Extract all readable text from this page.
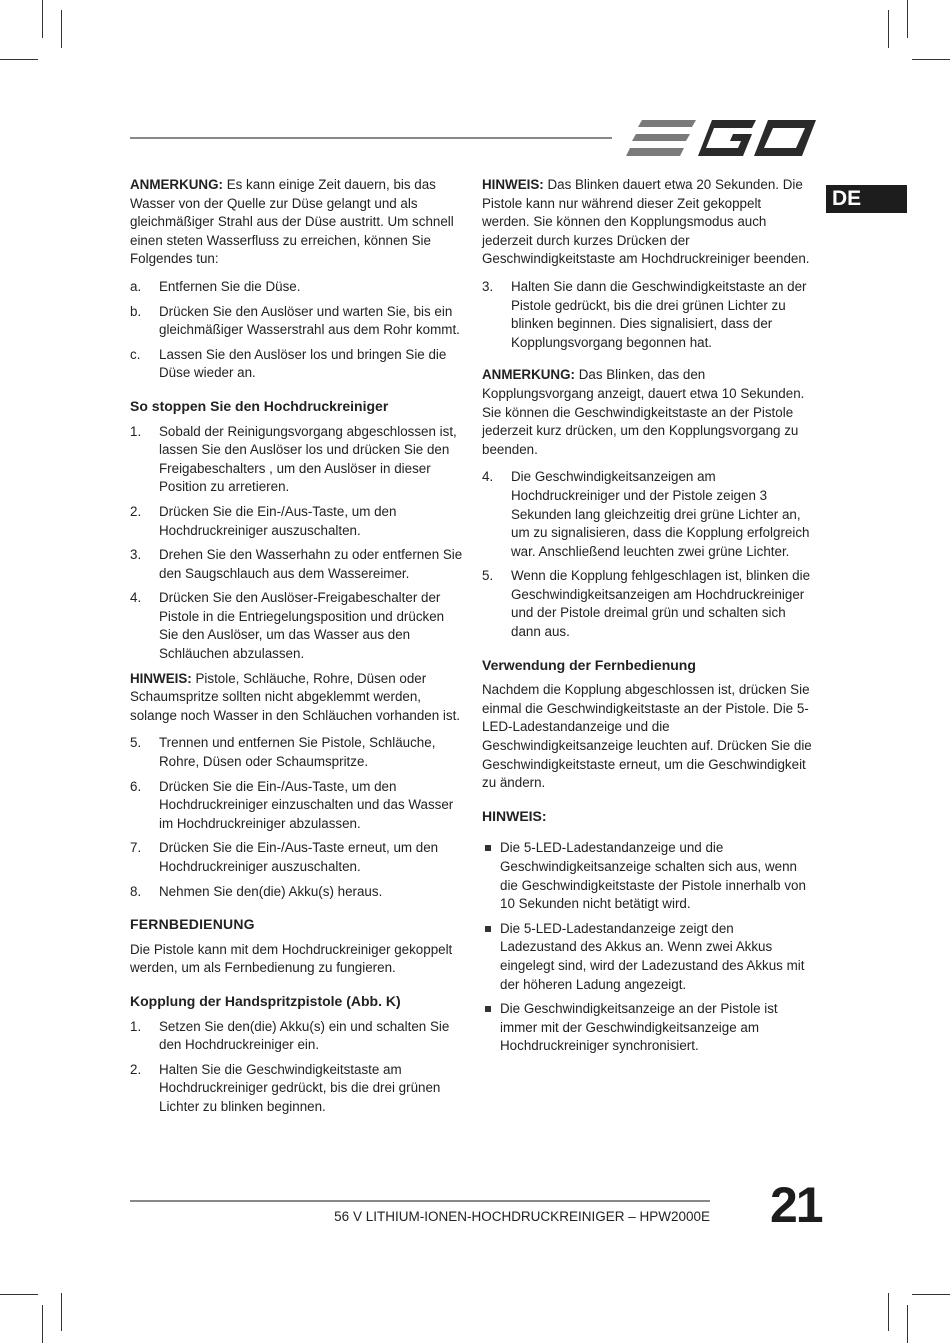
DE

ANMERKUNG: Es kann einige Zeit dauern, bis das Wasser von der Quelle zur Düse gelangt und als gleichmäßiger Strahl aus der Düse austritt. Um schnell einen steten Wasserfluss zu erreichen, können Sie Folgendes tun:

a. Entfernen Sie die Düse.
b. Drücken Sie den Auslöser und warten Sie, bis ein gleichmäßiger Wasserstrahl aus dem Rohr kommt.
c. Lassen Sie den Auslöser los und bringen Sie die Düse wieder an.
So stoppen Sie den Hochdruckreiniger
1. Sobald der Reinigungsvorgang abgeschlossen ist, lassen Sie den Auslöser los und drücken Sie den Freigabeschalters , um den Auslöser in dieser Position zu arretieren.
2. Drücken Sie die Ein-/Aus-Taste, um den Hochdruckreiniger auszuschalten.
3. Drehen Sie den Wasserhahn zu oder entfernen Sie den Saugschlauch aus dem Wassereimer.
4. Drücken Sie den Auslöser-Freigabeschalter der Pistole in die Entriegelungsposition und drücken Sie den Auslöser, um das Wasser aus den Schläuchen abzulassen.

HINWEIS: Pistole, Schläuche, Rohre, Düsen oder Schaumspritze sollten nicht abgeklemmt werden, solange noch Wasser in den Schläuchen vorhanden ist.

5. Trennen und entfernen Sie Pistole, Schläuche, Rohre, Düsen oder Schaumspritze.
6. Drücken Sie die Ein-/Aus-Taste, um den Hochdruckreiniger einzuschalten und das Wasser im Hochdruckreiniger abzulassen.
7. Drücken Sie die Ein-/Aus-Taste erneut, um den Hochdruckreiniger auszuschalten.
8. Nehmen Sie den(die) Akku(s) heraus.
FERNBEDIENUNG

Die Pistole kann mit dem Hochdruckreiniger gekoppelt werden, um als Fernbedienung zu fungieren.

Kopplung der Handspritzpistole (Abb. K)
1. Setzen Sie den(die) Akku(s) ein und schalten Sie den Hochdruckreiniger ein.
2. Halten Sie die Geschwindigkeitstaste am Hochdruckreiniger gedrückt, bis die drei grünen Lichter zu blinken beginnen.

HINWEIS: Das Blinken dauert etwa 20 Sekunden. Die Pistole kann nur während dieser Zeit gekoppelt werden. Sie können den Kopplungsmodus auch jederzeit durch kurzes Drücken der Geschwindigkeitstaste am Hochdruckreiniger beenden.

3. Halten Sie dann die Geschwindigkeitstaste an der Pistole gedrückt, bis die drei grünen Lichter zu blinken beginnen. Dies signalisiert, dass der Kopplungsvorgang begonnen hat.

ANMERKUNG: Das Blinken, das den Kopplungsvorgang anzeigt, dauert etwa 10 Sekunden. Sie können die Geschwindigkeitstaste an der Pistole jederzeit kurz drücken, um den Kopplungsvorgang zu beenden.

4. Die Geschwindigkeitsanzeigen am Hochdruckreiniger und der Pistole zeigen 3 Sekunden lang gleichzeitig drei grüne Lichter an, um zu signalisieren, dass die Kopplung erfolgreich war. Anschließend leuchten zwei grüne Lichter.
5. Wenn die Kopplung fehlgeschlagen ist, blinken die Geschwindigkeitsanzeigen am Hochdruckreiniger und der Pistole dreimal grün und schalten sich dann aus.
Verwendung der Fernbedienung

Nachdem die Kopplung abgeschlossen ist, drücken Sie einmal die Geschwindigkeitstaste an der Pistole. Die 5-LED-Ladestandanzeige und die Geschwindigkeitsanzeige leuchten auf. Drücken Sie die Geschwindigkeitstaste erneut, um die Geschwindigkeit zu ändern.

HINWEIS:
Die 5-LED-Ladestandanzeige und die Geschwindigkeitsanzeige schalten sich aus, wenn die Geschwindigkeitstaste der Pistole innerhalb von 10 Sekunden nicht betätigt wird.
Die 5-LED-Ladestandanzeige zeigt den Ladezustand des Akkus an. Wenn zwei Akkus eingelegt sind, wird der Ladezustand des Akkus mit der höheren Ladung angezeigt.
Die Geschwindigkeitsanzeige an der Pistole ist immer mit der Geschwindigkeitsanzeige am Hochdruckreiniger synchronisiert.
56 V LITHIUM-IONEN-HOCHDRUCKREINIGER – HPW2000E 21
